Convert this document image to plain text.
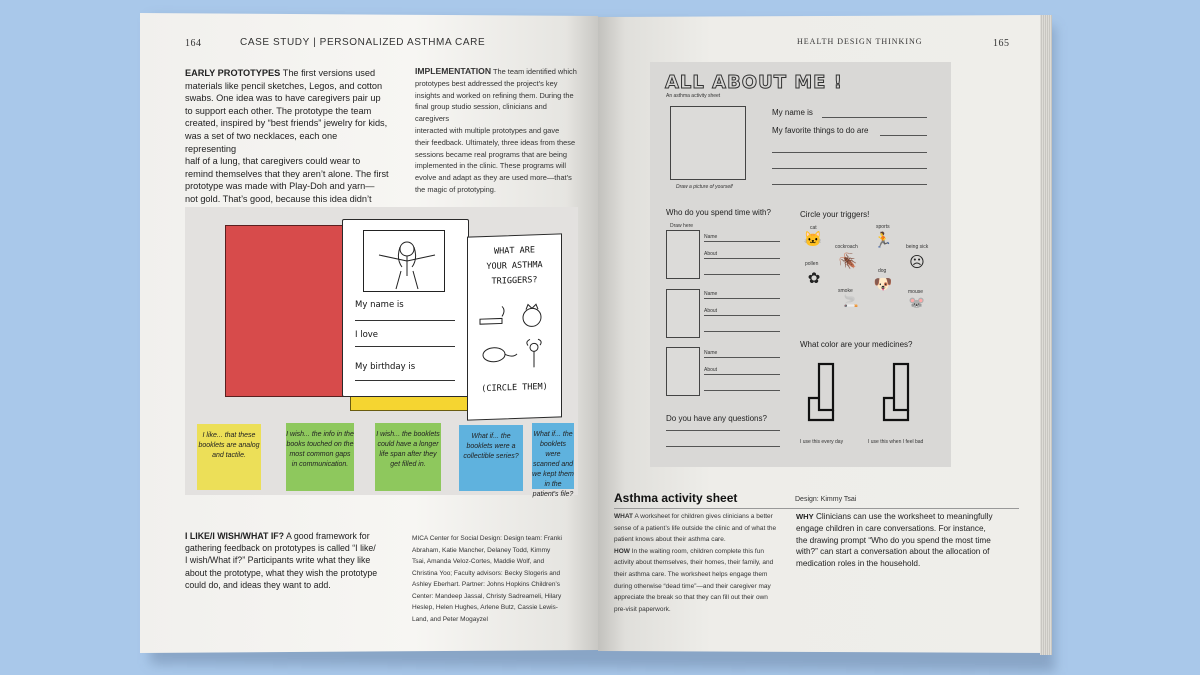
164	CASE STUDY | PERSONALIZED ASTHMA CARE
EARLY PROTOTYPES The first versions used
materials like pencil sketches, Legos, and cotton
swabs. One idea was to have caregivers pair up
to support each other. The prototype the team
created, inspired by “best friends” jewelry for kids,
was a set of two necklaces, each one representing
half of a lung, that caregivers could wear to
remind themselves that they aren’t alone. The first
prototype was made with Play-Doh and yarn—
not gold. That’s good, because this idea didn’t
IMPLEMENTATION The team identified which
prototypes best addressed the project’s key
insights and worked on refining them. During the
final group studio session, clinicians and caregivers
interacted with multiple prototypes and gave
their feedback. Ultimately, three ideas from these
sessions became real programs that are being
implemented in the clinic. These programs will
evolve and adapt as they are used more—that’s
the magic of prototyping.
My name is
I love
My birthday is
WHAT ARE
YOUR ASTHMA
TRIGGERS?
(CIRCLE THEM)
I like... that these booklets are analog and tactile.
I wish... the info in the books touched on the most common gaps in communication.
I wish... the booklets could have a longer life span after they get filled in.
What if... the booklets were a collectible series?
What if... the booklets were scanned and we kept them in the patient's file?
I LIKE/I WISH/WHAT IF? A good framework for
gathering feedback on prototypes is called “I like/
I wish/What if?” Participants write what they like
about the prototype, what they wish the prototype
could do, and ideas they want to add.
MICA Center for Social Design: Design team: Franki
Abraham, Katie Mancher, Delaney Todd, Kimmy
Tsai, Amanda Veloz-Cortes, Maddie Wolf, and
Christina Yoo; Faculty advisors: Becky Slogeris and
Ashley Eberhart. Partner: Johns Hopkins Children’s
Center: Mandeep Jassal, Christy Sadreameli, Hilary
Heslep, Helen Hughes, Arlene Butz, Cassie Lewis-
Land, and Peter Mogayzel
HEALTH DESIGN THINKING	165
ALL ABOUT ME !
An asthma activity sheet
Draw a picture of yourself
My name is
My favorite things to do are
Who do you spend time with?
Draw here
Name
About
Name
About
Name
About
Do you have any questions?
Circle your triggers!
cat
🐱	cockroach
🪳
sports
🏃	being sick
☹
pollen
✿	dog
🐶
smoke
🚬
mouse
🐭
What color are your medicines?
I use this every day	I use this when I feel bad
Asthma activity sheet	Design: Kimmy Tsai
WHAT A worksheet for children gives clinicians a better
sense of a patient’s life outside the clinic and of what the
patient knows about their asthma care.
HOW In the waiting room, children complete this fun
activity about themselves, their homes, their family, and
their asthma care. The worksheet helps engage them
during otherwise “dead time”—and their caregiver may
appreciate the break so that they can fill out their own
pre-visit paperwork.
WHY Clinicians can use the worksheet to meaningfully
engage children in care conversations. For instance,
the drawing prompt “Who do you spend the most time
with?” can start a conversation about the allocation of
medication roles in the household.
